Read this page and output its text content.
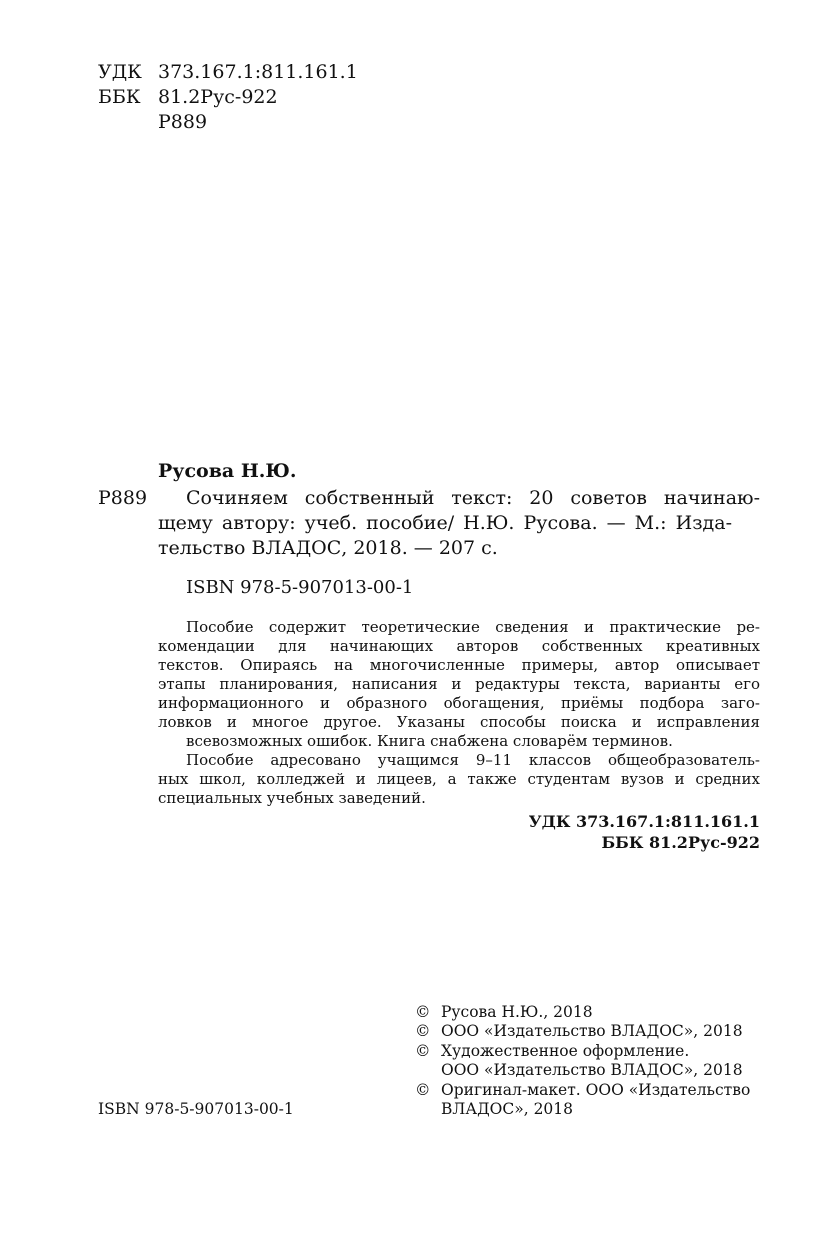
УДК 373.167.1:811.161.1
ББК 81.2Рус-922
Р889
Русова Н.Ю.
Р889 Сочиняем собственный текст: 20 советов начинаю-
щему автору: учеб. пособие/ Н.Ю. Русова. — М.: Изда-
тельство ВЛАДОС, 2018. — 207 с.
ISBN 978-5-907013-00-1
Пособие содержит теоретические сведения и практические ре-
комендации для начинающих авторов собственных креативных
текстов. Опираясь на многочисленные примеры, автор описывает
этапы планирования, написания и редактуры текста, варианты его
информационного и образного обогащения, приёмы подбора заго-
ловков и многое другое. Указаны способы поиска и исправления
всевозможных ошибок. Книга снабжена словарём терминов.
Пособие адресовано учащимся 9–11 классов общеобразователь-
ных школ, колледжей и лицеев, а также студентам вузов и средних
специальных учебных заведений.
УДК 373.167.1:811.161.1
ББК 81.2Рус-922
© Русова Н.Ю., 2018
© ООО «Издательство ВЛАДОС», 2018
© Художественное оформление.
ООО «Издательство ВЛАДОС», 2018
© Оригинал-макет. ООО «Издательство
ВЛАДОС», 2018
ISBN 978-5-907013-00-1
